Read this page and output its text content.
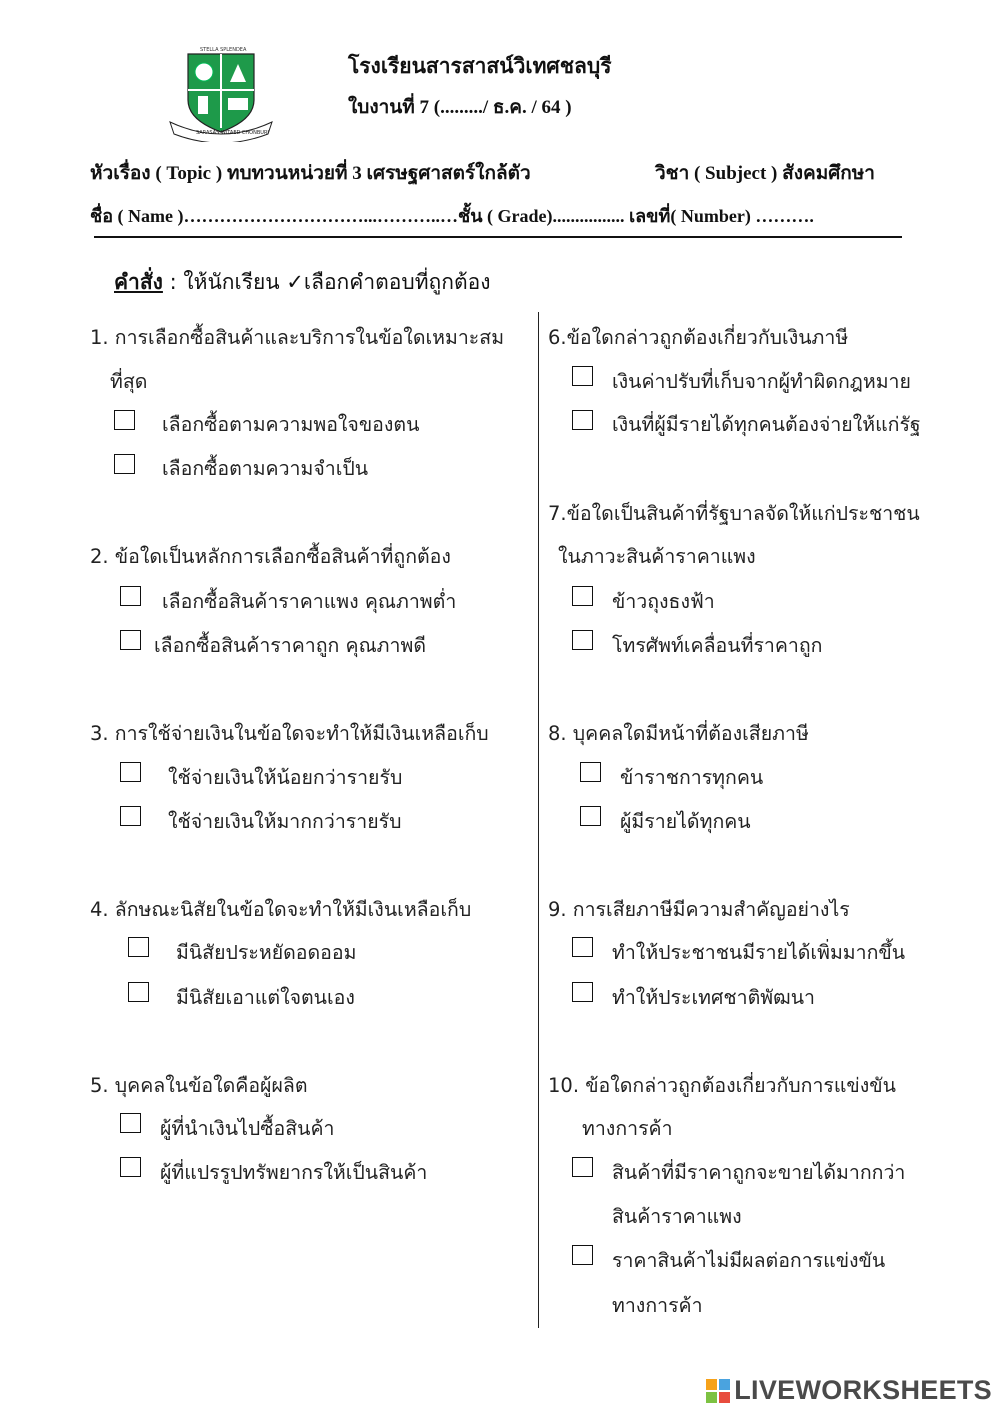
STELLA SPLENDEA
SARASAS WITAED CHONBURI
โรงเรียนสารสาสน์วิเทศชลบุรี
ใบงานที่ 7 (........./ ธ.ค. / 64 )
หัวเรื่อง ( Topic ) ทบทวนหน่วยที่ 3 เศรษฐศาสตร์ใกล้ตัว	วิชา ( Subject ) สังคมศึกษา
ชื่อ ( Name )…………………………...………..…ชั้น ( Grade)................ เลขที่( Number) ……….
คำสั่ง : ให้นักเรียน ✓เลือกคำตอบที่ถูกต้อง
1. การเลือกซื้อสินค้าและบริการในข้อใดเหมาะสม
ที่สุด
เลือกซื้อตามความพอใจของตน
เลือกซื้อตามความจำเป็น
2. ข้อใดเป็นหลักการเลือกซื้อสินค้าที่ถูกต้อง
เลือกซื้อสินค้าราคาแพง คุณภาพต่ำ
เลือกซื้อสินค้าราคาถูก คุณภาพดี
3. การใช้จ่ายเงินในข้อใดจะทำให้มีเงินเหลือเก็บ
ใช้จ่ายเงินให้น้อยกว่ารายรับ
ใช้จ่ายเงินให้มากกว่ารายรับ
4. ลักษณะนิสัยในข้อใดจะทำให้มีเงินเหลือเก็บ
มีนิสัยประหยัดอดออม
มีนิสัยเอาแต่ใจตนเอง
5. บุคคลในข้อใดคือผู้ผลิต
ผู้ที่นำเงินไปซื้อสินค้า
ผู้ที่แปรรูปทรัพยากรให้เป็นสินค้า
6.ข้อใดกล่าวถูกต้องเกี่ยวกับเงินภาษี
เงินค่าปรับที่เก็บจากผู้ทำผิดกฎหมาย
เงินที่ผู้มีรายได้ทุกคนต้องจ่ายให้แก่รัฐ
7.ข้อใดเป็นสินค้าที่รัฐบาลจัดให้แก่ประชาชน
ในภาวะสินค้าราคาแพง
ข้าวถุงธงฟ้า
โทรศัพท์เคลื่อนที่ราคาถูก
8. บุคคลใดมีหน้าที่ต้องเสียภาษี
ข้าราชการทุกคน
ผู้มีรายได้ทุกคน
9. การเสียภาษีมีความสำคัญอย่างไร
ทำให้ประชาชนมีรายได้เพิ่มมากขึ้น
ทำให้ประเทศชาติพัฒนา
10. ข้อใดกล่าวถูกต้องเกี่ยวกับการแข่งขัน
ทางการค้า
สินค้าที่มีราคาถูกจะขายได้มากกว่า
สินค้าราคาแพง
ราคาสินค้าไม่มีผลต่อการแข่งขัน
ทางการค้า
LIVEWORKSHEETS
